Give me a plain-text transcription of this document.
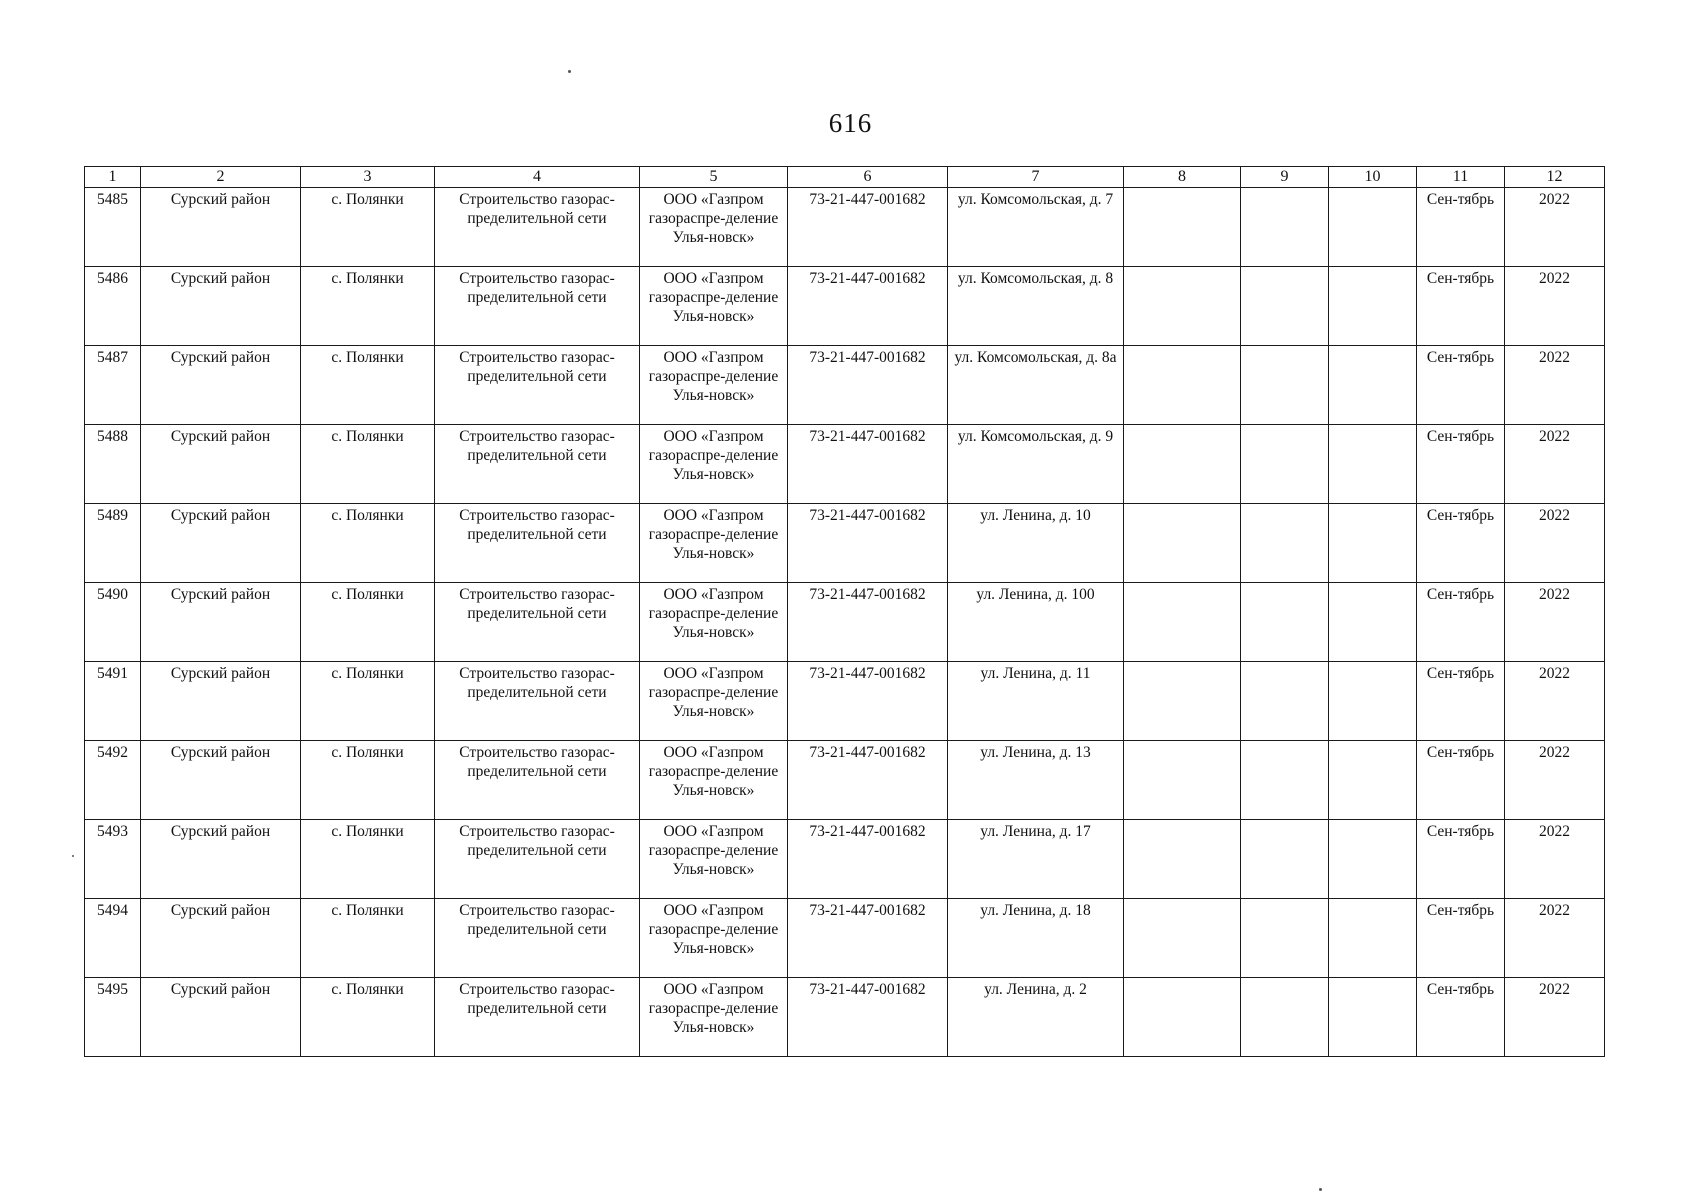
616
1	2	3	4	5	6	7	8	9	10	11	12
5485	Сурский район	с. Полянки	Строительство газорас-пределительной сети	ООО «Газпром газораспре-деление Улья-новск»	73-21-447-001682	ул. Комсомольская, д. 7				Сен-тябрь	2022
5486	Сурский район	с. Полянки	Строительство газорас-пределительной сети	ООО «Газпром газораспре-деление Улья-новск»	73-21-447-001682	ул. Комсомольская, д. 8				Сен-тябрь	2022
5487	Сурский район	с. Полянки	Строительство газорас-пределительной сети	ООО «Газпром газораспре-деление Улья-новск»	73-21-447-001682	ул. Комсомольская, д. 8а				Сен-тябрь	2022
5488	Сурский район	с. Полянки	Строительство газорас-пределительной сети	ООО «Газпром газораспре-деление Улья-новск»	73-21-447-001682	ул. Комсомольская, д. 9				Сен-тябрь	2022
5489	Сурский район	с. Полянки	Строительство газорас-пределительной сети	ООО «Газпром газораспре-деление Улья-новск»	73-21-447-001682	ул. Ленина, д. 10				Сен-тябрь	2022
5490	Сурский район	с. Полянки	Строительство газорас-пределительной сети	ООО «Газпром газораспре-деление Улья-новск»	73-21-447-001682	ул. Ленина, д. 100				Сен-тябрь	2022
5491	Сурский район	с. Полянки	Строительство газорас-пределительной сети	ООО «Газпром газораспре-деление Улья-новск»	73-21-447-001682	ул. Ленина, д. 11				Сен-тябрь	2022
5492	Сурский район	с. Полянки	Строительство газорас-пределительной сети	ООО «Газпром газораспре-деление Улья-новск»	73-21-447-001682	ул. Ленина, д. 13				Сен-тябрь	2022
5493	Сурский район	с. Полянки	Строительство газорас-пределительной сети	ООО «Газпром газораспре-деление Улья-новск»	73-21-447-001682	ул. Ленина, д. 17				Сен-тябрь	2022
5494	Сурский район	с. Полянки	Строительство газорас-пределительной сети	ООО «Газпром газораспре-деление Улья-новск»	73-21-447-001682	ул. Ленина, д. 18				Сен-тябрь	2022
5495	Сурский район	с. Полянки	Строительство газорас-пределительной сети	ООО «Газпром газораспре-деление Улья-новск»	73-21-447-001682	ул. Ленина, д. 2				Сен-тябрь	2022
